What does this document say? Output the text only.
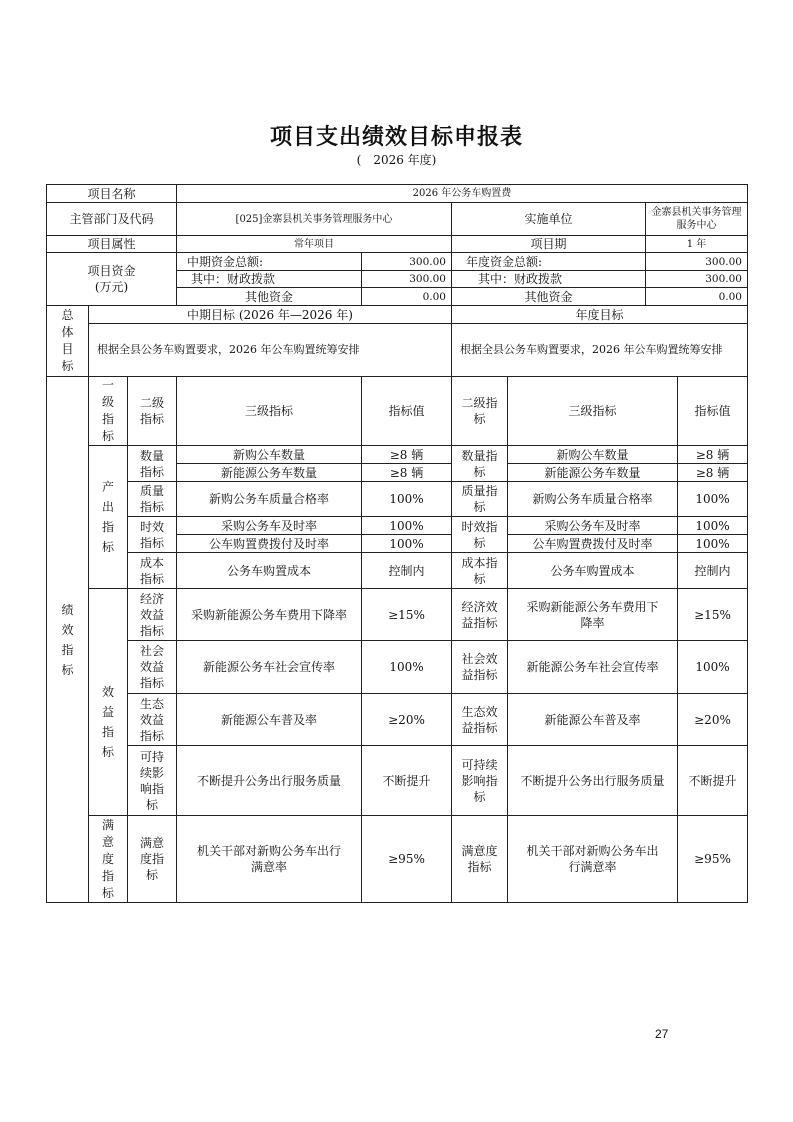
项目支出绩效目标申报表
(　2026 年度)
项目名称			2026 年公务车购置费					
主管部门及代码			[025]金寨县机关事务管理服务中心		实施单位		金寨县机关事务管理服务中心	
项目属性			常年项目		项目期		1 年	

项目资金
(万元)			中期资金总额:	300.00	年度资金总额:		300.00	
			其中：财政拨款	300.00	其中：财政拨款		300.00	
			其他资金	0.00	其他资金		0.00	

总体目标	中期目标 (2026 年—2026 年)				年度目标			
	根据全县公务车购置要求，2026 年公车购置统筹安排				根据全县公务车购置要求，2026 年公车购置统筹安排			

绩效指标	一级指标	二级指标	三级指标	指标值	二级指标	三级指标		指标值

	产出指标	数量指标	新购公车数量	≥8 辆	数量指标	新购公车数量		≥8 辆
			新能源公务车数量	≥8 辆		新能源公务车数量		≥8 辆

		质量指标	新购公务车质量合格率	100%	质量指标	新购公务车质量合格率		100%

		时效指标	采购公务车及时率	100%	时效指标	采购公务车及时率		100%
			公车购置费拨付及时率	100%		公车购置费拨付及时率		100%

		成本指标	公务车购置成本	控制内	成本指标	公务车购置成本		控制内

	效益指标	经济效益指标	采购新能源公务车费用下降率	≥15%	经济效益指标	采购新能源公务车费用下降率		≥15%

		社会效益指标	新能源公务车社会宣传率	100%	社会效益指标	新能源公务车社会宣传率		100%

		生态效益指标	新能源公车普及率	≥20%	生态效益指标	新能源公车普及率		≥20%

		可持续影响指标	不断提升公务出行服务质量	不断提升	可持续影响指标	不断提升公务出行服务质量		不断提升

	满意度指标	满意度指标	机关干部对新购公务车出行满意率	≥95%	满意度指标	机关干部对新购公务车出行满意率		≥95%
27
